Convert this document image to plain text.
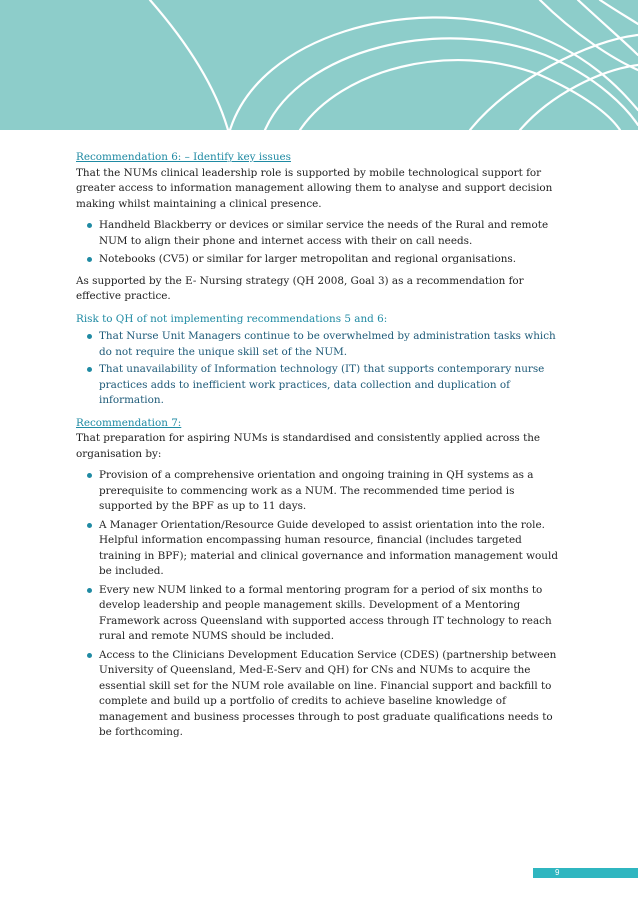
Recommendation 6: – Identify key issues

That the NUMs clinical leadership role is supported by mobile technological support for greater access to information management allowing them to analyse and support decision making whilst maintaining a clinical presence.

Handheld Blackberry or devices or similar service the needs of the Rural and remote NUM to align their phone and internet access with their on call needs.
Notebooks (CV5) or similar for larger metropolitan and regional organisations.

As supported by the E- Nursing strategy (QH 2008, Goal 3) as a recommendation for effective practice.

Risk to QH of not implementing recommendations 5 and 6:

That Nurse Unit Managers continue to be overwhelmed by administration tasks which do not require the unique skill set of the NUM.
That unavailability of Information technology (IT) that supports contemporary nurse practices adds to inefficient work practices, data collection and duplication of information.

Recommendation 7:

That preparation for aspiring NUMs is standardised and consistently applied across the organisation by:

Provision of a comprehensive orientation and ongoing training in QH systems as a prerequisite to commencing work as a NUM. The recommended time period is supported by the BPF as up to 11 days.
A Manager Orientation/Resource Guide developed to assist orientation into the role. Helpful information encompassing human resource, financial (includes targeted training in BPF); material and clinical governance and information management would be included.
Every new NUM linked to a formal mentoring program for a period of six months to develop leadership and people management skills. Development of a Mentoring Framework across Queensland with supported access through IT technology to reach rural and remote NUMS should be included.
Access to the Clinicians Development Education Service (CDES) (partnership between University of Queensland, Med-E-Serv and QH) for CNs and NUMs to acquire the essential skill set for the NUM role available on line. Financial support and backfill to complete and build up a portfolio of credits to achieve baseline knowledge of management and business processes through to post graduate qualifications needs to be forthcoming.
9
